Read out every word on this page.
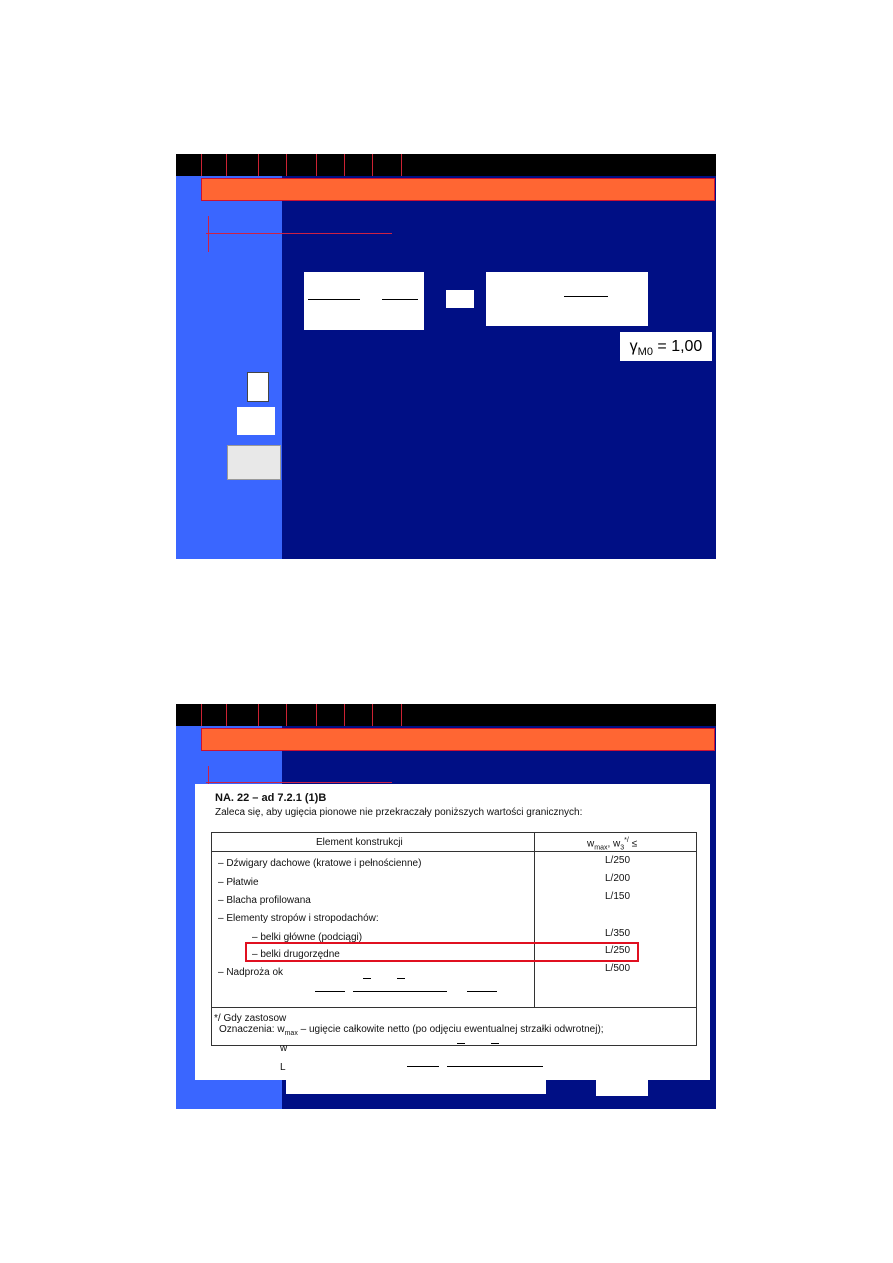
$\gamma_{M0} = 1,00$
NA. 22 – ad 7.2.1 (1)B
Zaleca się, aby ugięcia pionowe nie przekraczały poniższych wartości granicznych:
Element konstrukcji	$w_{max}$, $w_3^{*/}$ ≤
– Dźwigary dachowe (kratowe i pełnościenne)	L/250
– Płatwie	L/200
– Blacha profilowana	L/150
– Elementy stropów i stropodachów:
– belki główne (podciągi)	L/350
– belki drugorzędne	L/250
– Nadproża ok	L/500
*/ Gdy zastosow
Oznaczenia: $w_{max}$ – ugięcie całkowite netto (po odjęciu ewentualnej strzałki odwrotnej);
w
L
